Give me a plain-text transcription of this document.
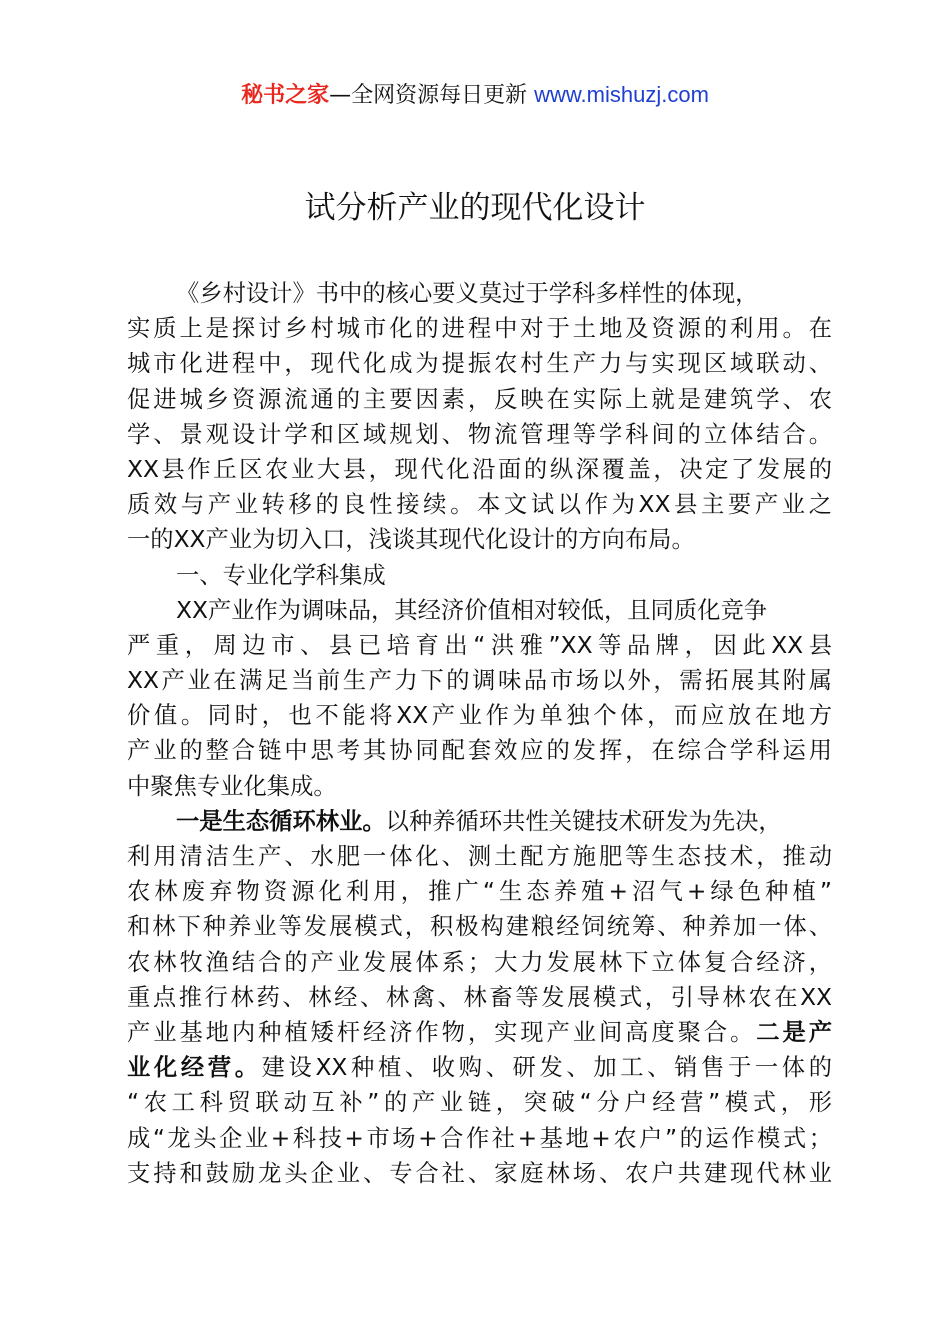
秘书之家—全网资源每日更新 www.mishuzj.com
试分析产业的现代化设计
《乡村设计》书中的核心要义莫过于学科多样性的体现，
实质上是探讨乡村城市化的进程中对于土地及资源的利用。在
城市化进程中，现代化成为提振农村生产力与实现区域联动、
促进城乡资源流通的主要因素，反映在实际上就是建筑学、农
学、景观设计学和区域规划、物流管理等学科间的立体结合。
XX县作丘区农业大县，现代化沿面的纵深覆盖，决定了发展的
质效与产业转移的良性接续。本文试以作为XX县主要产业之
一的XX产业为切入口，浅谈其现代化设计的方向布局。
一、专业化学科集成
XX产业作为调味品，其经济价值相对较低，且同质化竞争
严重，周边市、县已培育出“洪雅”XX等品牌，因此XX县
XX产业在满足当前生产力下的调味品市场以外，需拓展其附属
价值。同时，也不能将XX产业作为单独个体，而应放在地方
产业的整合链中思考其协同配套效应的发挥，在综合学科运用
中聚焦专业化集成。
一是生态循环林业。以种养循环共性关键技术研发为先决，
利用清洁生产、水肥一体化、测土配方施肥等生态技术，推动
农林废弃物资源化利用，推广“生态养殖+沼气+绿色种植”
和林下种养业等发展模式，积极构建粮经饲统筹、种养加一体、
农林牧渔结合的产业发展体系；大力发展林下立体复合经济，
重点推行林药、林经、林禽、林畜等发展模式，引导林农在XX
产业基地内种植矮杆经济作物，实现产业间高度聚合。二是产
业化经营。建设XX种植、收购、研发、加工、销售于一体的
“农工科贸联动互补”的产业链，突破“分户经营”模式，形
成“龙头企业+科技+市场+合作社+基地+农户”的运作模式；
支持和鼓励龙头企业、专合社、家庭林场、农户共建现代林业
